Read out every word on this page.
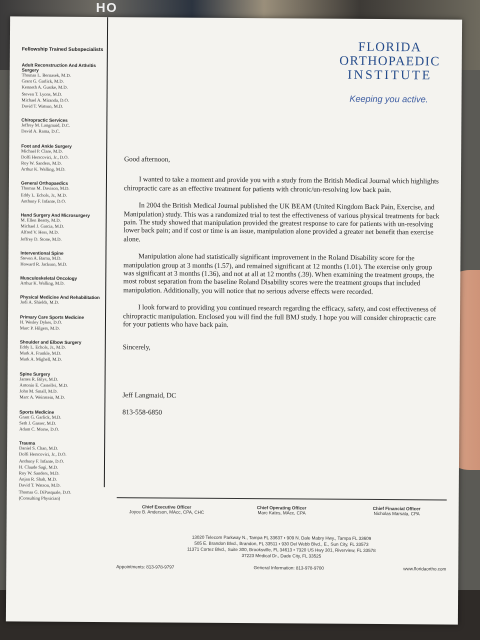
HO
Fellowship Trained Subspecialists
Adult Reconstruction And Arthritis Surgery
Thomas L. Bernasek, M.D.
Grant G. Garlick, M.D.
Kenneth A. Gustke, M.D.
Steven T. Lyons, M.D.
Michael A. Miranda, D.O.
David T. Watson, M.D.
Chiropractic Services
Jeffrey M. Langmaid, D.C.
David A. Rama, D.C.
Foot and Ankle Surgery
Michael P. Clare, M.D.
Dolfi Herscovici, Jr., D.O.
Roy W. Sanders, M.D.
Arthur K. Walling, M.D.
General Orthopaedics
Thomas M. Davison, M.D.
Eddy L. Echols, Jr., M.D.
Anthony F. Infante, D.O.
Hand Surgery And Microsurgery
M. Ellen Beatty, M.D.
Michael J. Garcia, M.D.
Alfred V. Hess, M.D.
Jeffrey D. Stone, M.D.
Interventional Spine
Steven A. Barna, M.D.
Howard R. Jackson, M.D.
Musculoskeletal Oncology
Arthur K. Walling, M.D.
Physical Medicine And Rehabilitation
Jodi A. Shields, M.D.
Primary Care Sports Medicine
H. Wesley Dykes, D.O.
Marc P. Hilgers, M.D.
Shoulder and Elbow Surgery
Eddy L. Echols, Jr., M.D.
Mark A. Frankle, M.D.
Mark A. Mighell, M.D.
Spine Surgery
James R. Bilys, M.D.
Antonio E. Castellvi, M.D.
John M. Small, M.D.
Marc A. Weinstein, M.D.
Sports Medicine
Grant G. Garlick, M.D.
Seth J. Gasser, M.D.
Adam C. Morse, D.O.
Trauma
Daniel S. Chan, M.D.
Dolfi Herscovici, Jr., D.O.
Anthony F. Infante, D.O.
H. Claude Sagi, M.D.
Roy W. Sanders, M.D.
Anjan R. Shah, M.D.
David T. Watson, M.D.
Thomas G. DiPasquale, D.O.
(Consulting Physician)
FLORIDA
ORTHOPAEDIC
INSTITUTE
Keeping you active.

Good afternoon,

I wanted to take a moment and provide you with a study from the British Medical Journal which highlights chiropractic care as an effective treatment for patients with chronic/un-resolving low back pain.

In 2004 the British Medical Journal published the UK BEAM (United Kingdom Back Pain, Exercise, and Manipulation) study. This was a randomized trial to test the effectiveness of various physical treatments for back pain. The study showed that manipulation provided the greatest response to care for patients with un-resolving lower back pain; and if cost or time is an issue, manipulation alone provided a greater net benefit than exercise alone.

Manipulation alone had statistically significant improvement in the Roland Disability score for the manipulation group at 3 months (1.57), and remained significant at 12 months (1.01). The exercise only group was significant at 3 months (1.36), and not at all at 12 months (.39). When examining the treatment groups, the most robust separation from the baseline Roland Disability scores were the treatment groups that included manipulation. Additionally, you will notice that no serious adverse effects were recorded.

I look forward to providing you continued research regarding the efficacy, safety, and cost effectiveness of chiropractic manipulation. Enclosed you will find the full BMJ study. I hope you will consider chiropractic care for your patients who have back pain.

Sincerely,

Jeff Langmaid, DC

813-558-6850

Chief Executive Officer
Joyce B. Anderson, MAcc, CPA, CHC
Chief Operating Officer
Marc Kates, MAcc, CPA
Chief Financial Officer
Nicholas Marsala, CPA
13020 Telecom Parkway N., Tampa FL 33637 • 909 N. Dale Mabry Hwy., Tampa FL 33609
505 E. Brandon Blvd., Brandon, FL 33511 • 930 Del Webb Blvd., E., Sun City, FL 33573
11371 Cortez Blvd., Suite 300, Brooksville, FL 34613 • 7320 US Hwy 301, Riverview, FL 33578
37223 Medical Dr., Dade City, FL 33525
Appointments: 813-978-9797	General Information: 813-978-9700	www.floridaortho.com
